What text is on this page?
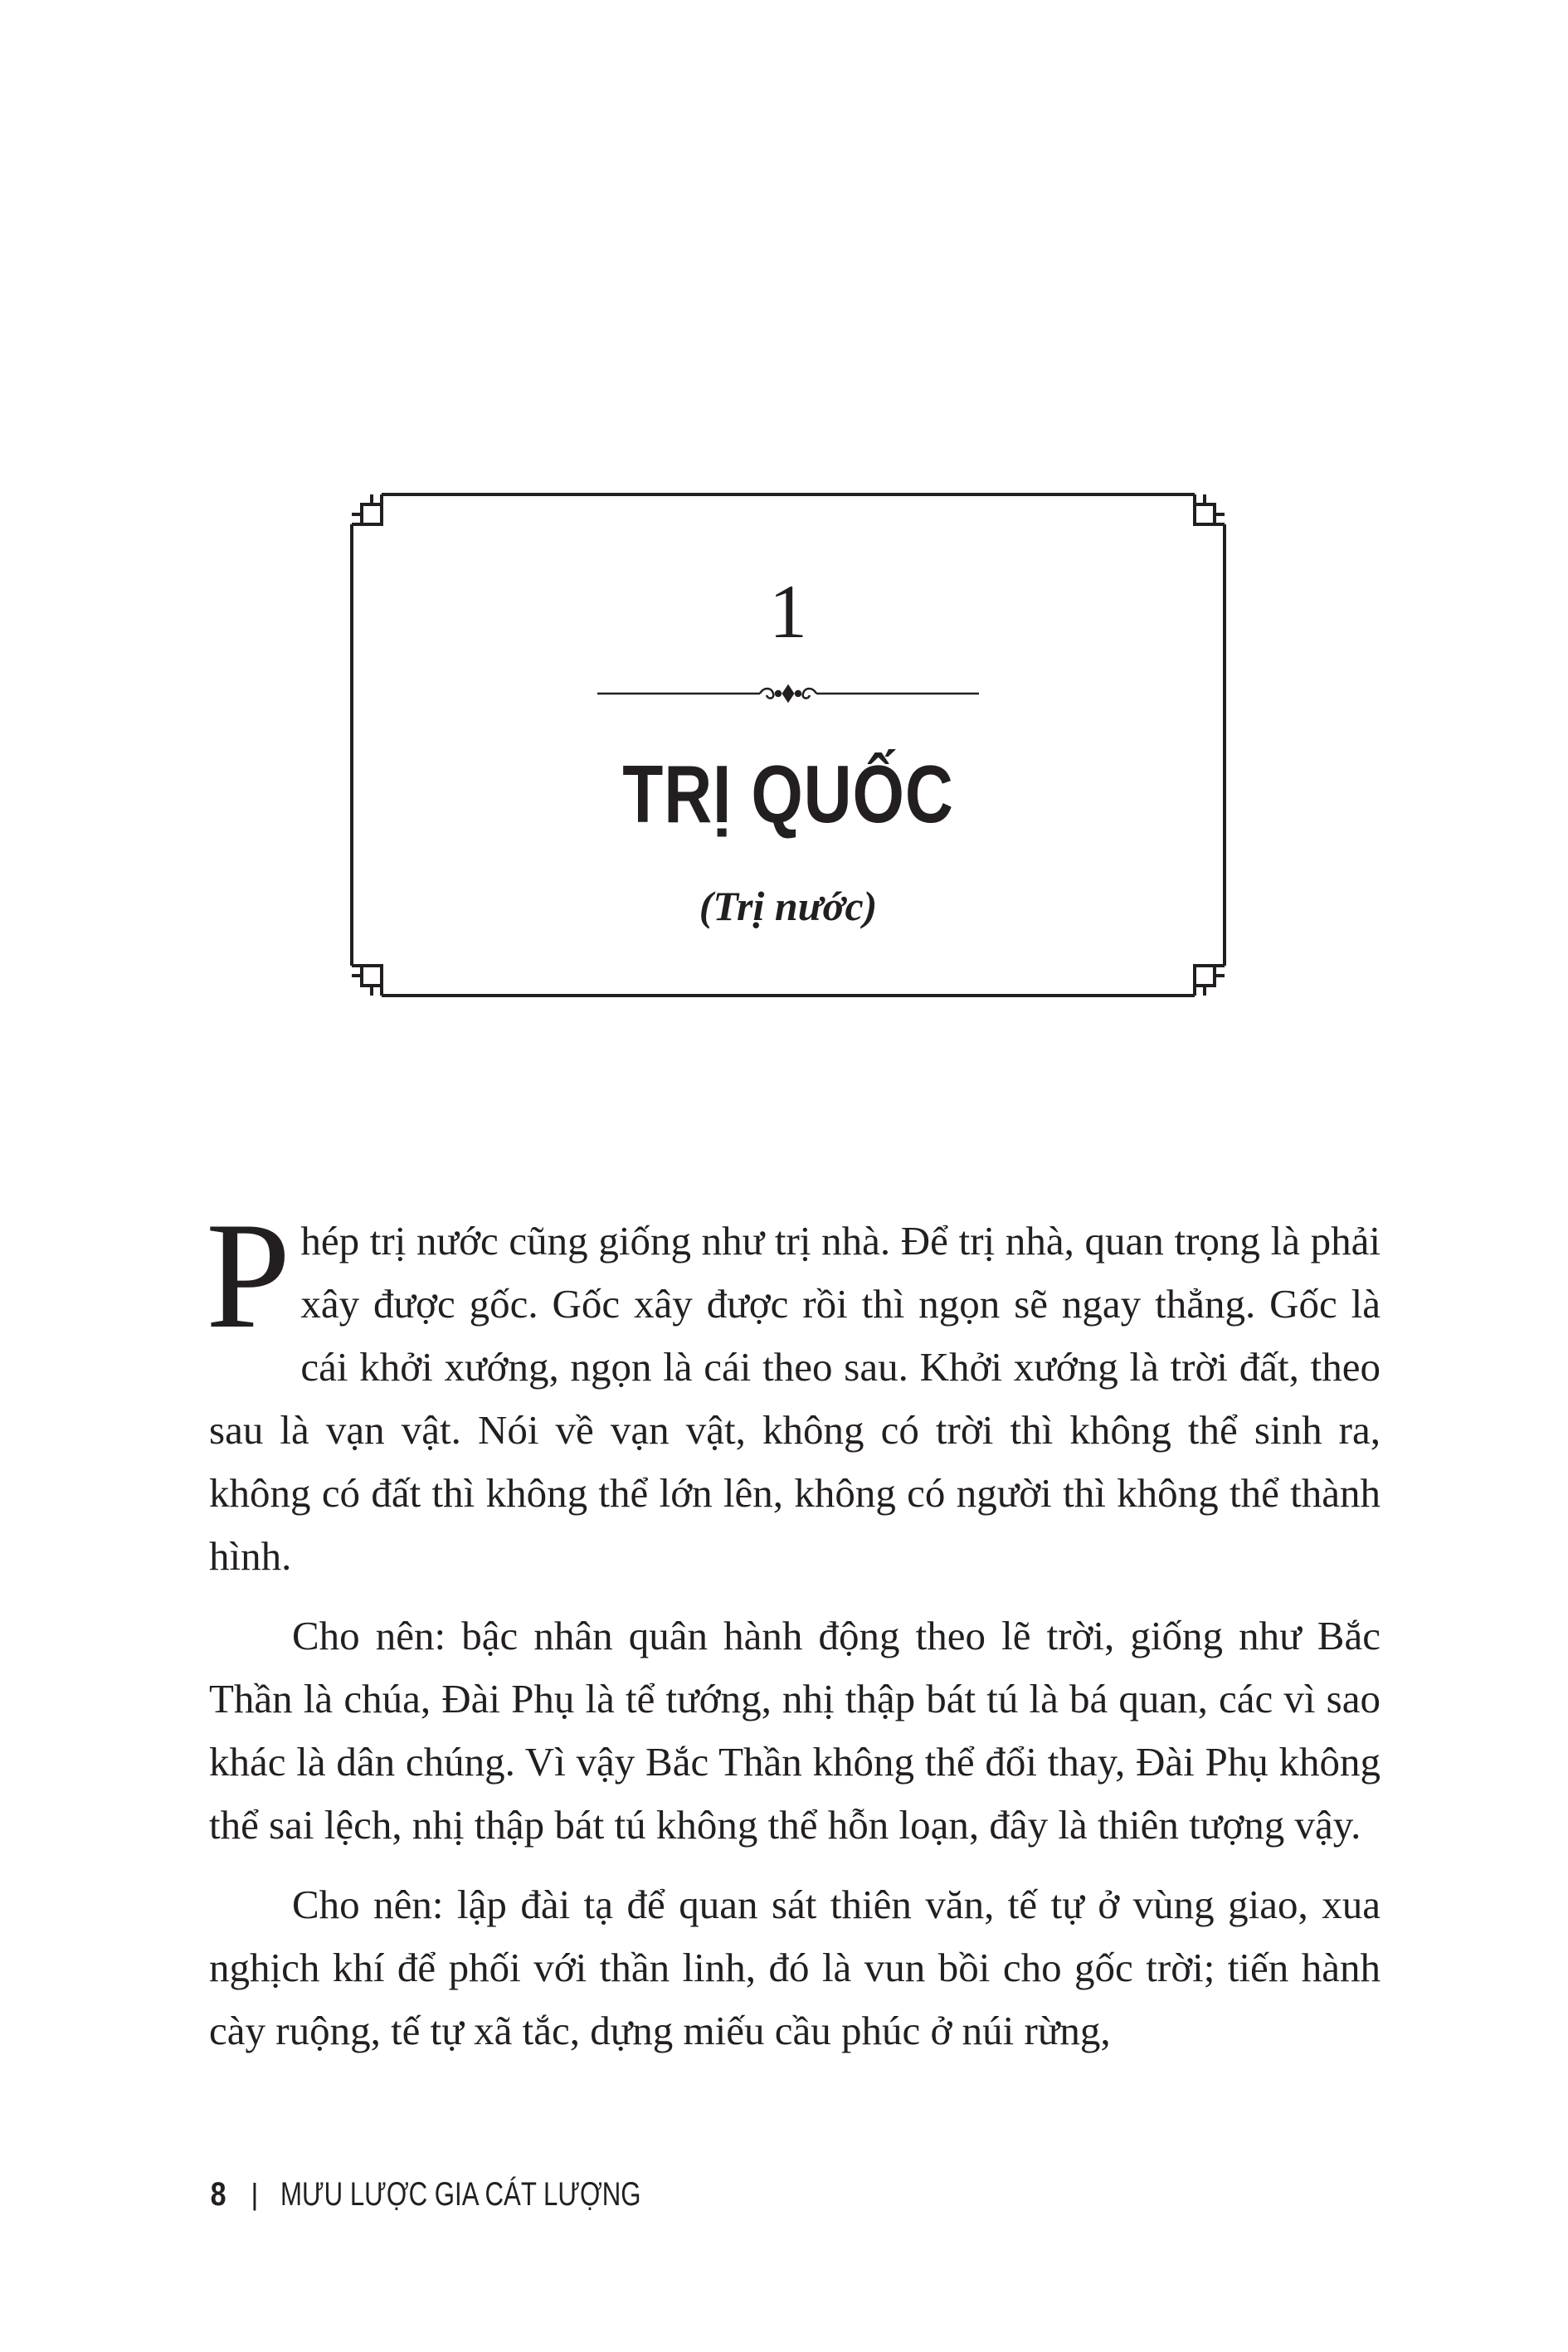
1
TRỊ QUỐC
(Trị nước)

Phép trị nước cũng giống như trị nhà. Để trị nhà, quan trọng là phải xây được gốc. Gốc xây được rồi thì ngọn sẽ ngay thẳng. Gốc là cái khởi xướng, ngọn là cái theo sau. Khởi xướng là trời đất, theo sau là vạn vật. Nói về vạn vật, không có trời thì không thể sinh ra, không có đất thì không thể lớn lên, không có người thì không thể thành hình.

Cho nên: bậc nhân quân hành động theo lẽ trời, giống như Bắc Thần là chúa, Đài Phụ là tể tướng, nhị thập bát tú là bá quan, các vì sao khác là dân chúng. Vì vậy Bắc Thần không thể đổi thay, Đài Phụ không thể sai lệch, nhị thập bát tú không thể hỗn loạn, đây là thiên tượng vậy.

Cho nên: lập đài tạ để quan sát thiên văn, tế tự ở vùng giao, xua nghịch khí để phối với thần linh, đó là vun bồi cho gốc trời; tiến hành cày ruộng, tế tự xã tắc, dựng miếu cầu phúc ở núi rừng,

8 | MƯU LƯỢC GIA CÁT LƯỢNG
